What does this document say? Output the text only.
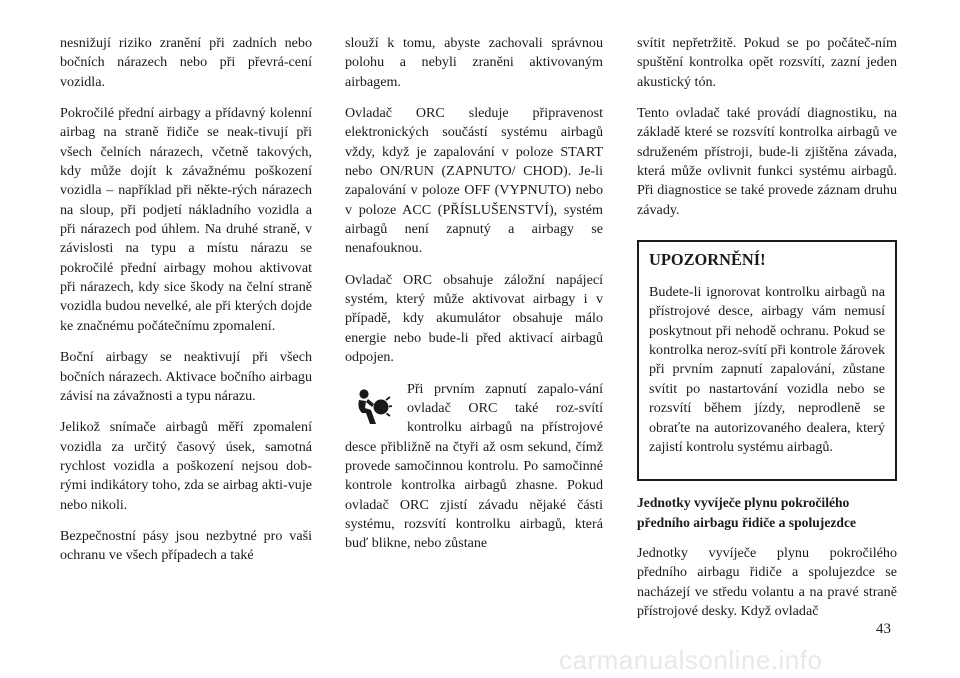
nesnižují riziko zranění při zadních nebo bočních nárazech nebo při převrá-cení vozidla.

Pokročilé přední airbagy a přídavný kolenní airbag na straně řidiče se neak-tivují při všech čelních nárazech, včetně takových, kdy může dojít k závažnému poškození vozidla – například při někte-rých nárazech na sloup, při podjetí nákladního vozidla a při nárazech pod úhlem. Na druhé straně, v závislosti na typu a místu nárazu se pokročilé přední airbagy mohou aktivovat při nárazech, kdy sice škody na čelní straně vozidla budou nevelké, ale při kterých dojde ke značnému počátečnímu zpomalení.

Boční airbagy se neaktivují při všech bočních nárazech. Aktivace bočního airbagu závisí na závažnosti a typu nárazu.

Jelikož snímače airbagů měří zpomalení vozidla za určitý časový úsek, samotná rychlost vozidla a poškození nejsou dob-rými indikátory toho, zda se airbag akti-vuje nebo nikoli.

Bezpečnostní pásy jsou nezbytné pro vaši ochranu ve všech případech a také

slouží k tomu, abyste zachovali správnou polohu a nebyli zraněni aktivovaným airbagem.

Ovladač ORC sleduje připravenost elektronických součástí systému airbagů vždy, když je zapalování v poloze START nebo ON/RUN (ZAPNUTO/ CHOD). Je-li zapalování v poloze OFF (VYPNUTO) nebo v poloze ACC (PŘÍSLUŠENSTVÍ), systém airbagů není zapnutý a airbagy se nenafouknou.

Ovladač ORC obsahuje záložní napájecí systém, který může aktivovat airbagy i v případě, kdy akumulátor obsahuje málo energie nebo bude-li před aktivací airbagů odpojen.

Při prvním zapnutí zapalo-vání ovladač ORC také roz-svítí kontrolku airbagů na přístrojové desce přibližně na čtyři až osm sekund, čímž provede samočinnou kontrolu. Po samočinné kontrole kontrolka airbagů zhasne. Pokud ovladač ORC zjistí závadu nějaké části systému, rozsvítí kontrolku airbagů, která buď blikne, nebo zůstane

svítit nepřetržitě. Pokud se po počáteč-ním spuštění kontrolka opět rozsvítí, zazní jeden akustický tón.

Tento ovladač také provádí diagnostiku, na základě které se rozsvítí kontrolka airbagů ve sdruženém přístroji, bude-li zjištěna závada, která může ovlivnit funkci systému airbagů. Při diagnostice se také provede záznam druhu závady.

UPOZORNĚNÍ!

Budete-li ignorovat kontrolku airbagů na přístrojové desce, airbagy vám nemusí poskytnout při nehodě ochranu. Pokud se kontrolka neroz-svítí při kontrole žárovek při prvním zapnutí zapalování, zůstane svítit po nastartování vozidla nebo se rozsvítí během jízdy, neprodleně se obraťte na autorizovaného dealera, který zajistí kontrolu systému airbagů.

Jednotky vyvíječe plynu pokročilého předního airbagu řidiče a spolujezdce

Jednotky vyvíječe plynu pokročilého předního airbagu řidiče a spolujezdce se nacházejí ve středu volantu a na pravé straně přístrojové desky. Když ovladač

43
carmanualsonline.info
